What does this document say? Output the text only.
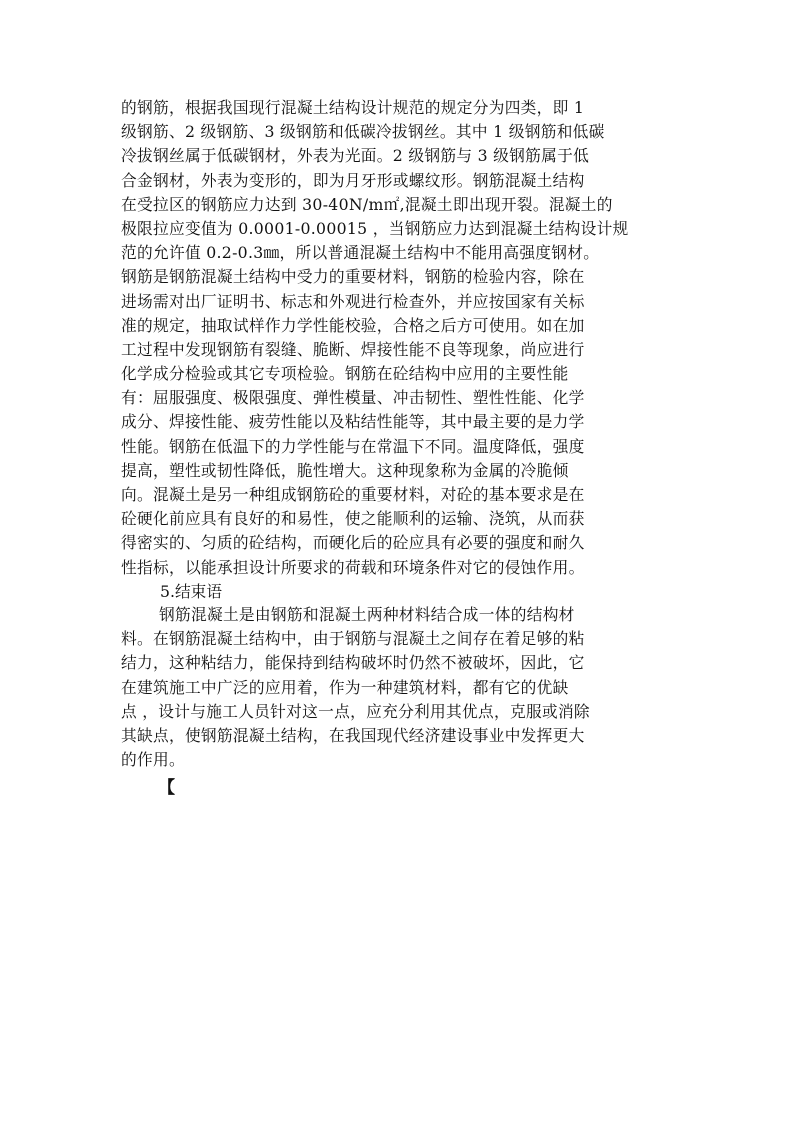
的钢筋，根据我国现行混凝土结构设计规范的规定分为四类，即 1
级钢筋、2 级钢筋、3 级钢筋和低碳冷拔钢丝。其中 1 级钢筋和低碳
冷拔钢丝属于低碳钢材，外表为光面。2 级钢筋与 3 级钢筋属于低
合金钢材，外表为变形的，即为月牙形或螺纹形。钢筋混凝土结构
在受拉区的钢筋应力达到 30-40N/m㎡,混凝土即出现开裂。混凝土的
极限拉应变值为 0.0001-0.00015 ，当钢筋应力达到混凝土结构设计规
范的允许值 0.2-0.3㎜，所以普通混凝土结构中不能用高强度钢材。
钢筋是钢筋混凝土结构中受力的重要材料，钢筋的检验内容，除在
进场需对出厂证明书、标志和外观进行检查外，并应按国家有关标
准的规定，抽取试样作力学性能校验，合格之后方可使用。如在加
工过程中发现钢筋有裂缝、脆断、焊接性能不良等现象，尚应进行
化学成分检验或其它专项检验。钢筋在砼结构中应用的主要性能
有：屈服强度、极限强度、弹性模量、冲击韧性、塑性性能、化学
成分、焊接性能、疲劳性能以及粘结性能等，其中最主要的是力学
性能。钢筋在低温下的力学性能与在常温下不同。温度降低，强度
提高，塑性或韧性降低，脆性增大。这种现象称为金属的冷脆倾
向。混凝土是另一种组成钢筋砼的重要材料，对砼的基本要求是在
砼硬化前应具有良好的和易性，使之能顺利的运输、浇筑，从而获
得密实的、匀质的砼结构，而硬化后的砼应具有必要的强度和耐久
性指标，以能承担设计所要求的荷载和环境条件对它的侵蚀作用。
5.结束语
钢筋混凝土是由钢筋和混凝土两种材料结合成一体的结构材
料。在钢筋混凝土结构中，由于钢筋与混凝土之间存在着足够的粘
结力，这种粘结力，能保持到结构破坏时仍然不被破坏，因此，它
在建筑施工中广泛的应用着，作为一种建筑材料，都有它的优缺
点 ，设计与施工人员针对这一点，应充分利用其优点，克服或消除
其缺点，使钢筋混凝土结构，在我国现代经济建设事业中发挥更大
的作用。
【
